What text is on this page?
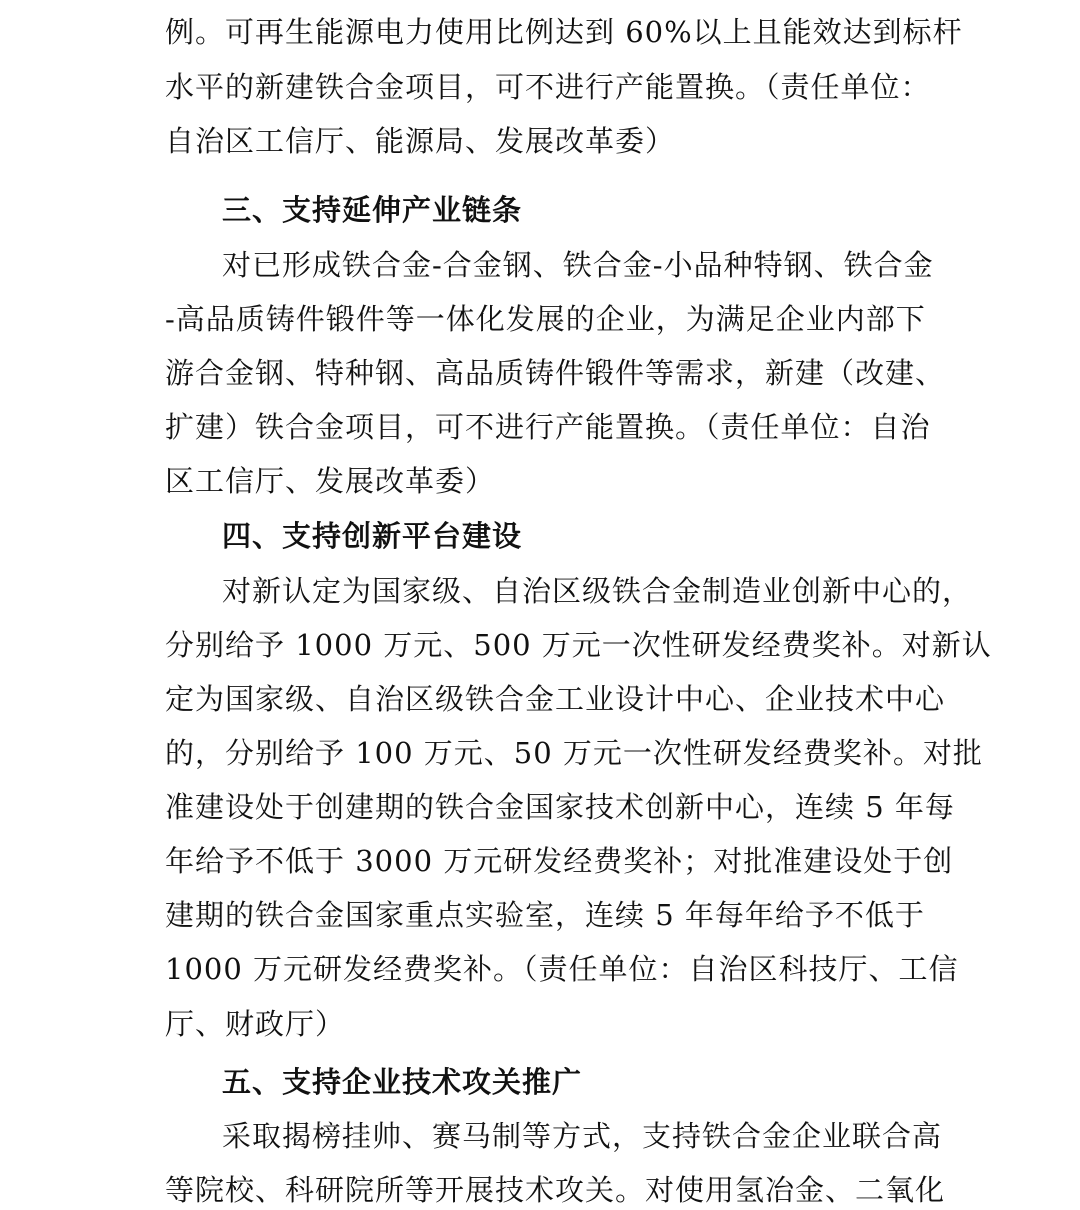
例。可再生能源电力使用比例达到 60%以上且能效达到标杆
水平的新建铁合金项目，可不进行产能置换。（责任单位：
自治区工信厅、能源局、发展改革委）
三、支持延伸产业链条
对已形成铁合金-合金钢、铁合金-小品种特钢、铁合金
-高品质铸件锻件等一体化发展的企业，为满足企业内部下
游合金钢、特种钢、高品质铸件锻件等需求，新建（改建、
扩建）铁合金项目，可不进行产能置换。（责任单位：自治
区工信厅、发展改革委）
四、支持创新平台建设
对新认定为国家级、自治区级铁合金制造业创新中心的，
分别给予 1000 万元、500 万元一次性研发经费奖补。对新认
定为国家级、自治区级铁合金工业设计中心、企业技术中心
的，分别给予 100 万元、50 万元一次性研发经费奖补。对批
准建设处于创建期的铁合金国家技术创新中心，连续 5 年每
年给予不低于 3000 万元研发经费奖补；对批准建设处于创
建期的铁合金国家重点实验室，连续 5 年每年给予不低于
1000 万元研发经费奖补。（责任单位：自治区科技厅、工信
厅、财政厅）
五、支持企业技术攻关推广
采取揭榜挂帅、赛马制等方式，支持铁合金企业联合高
等院校、科研院所等开展技术攻关。对使用氢冶金、二氧化
